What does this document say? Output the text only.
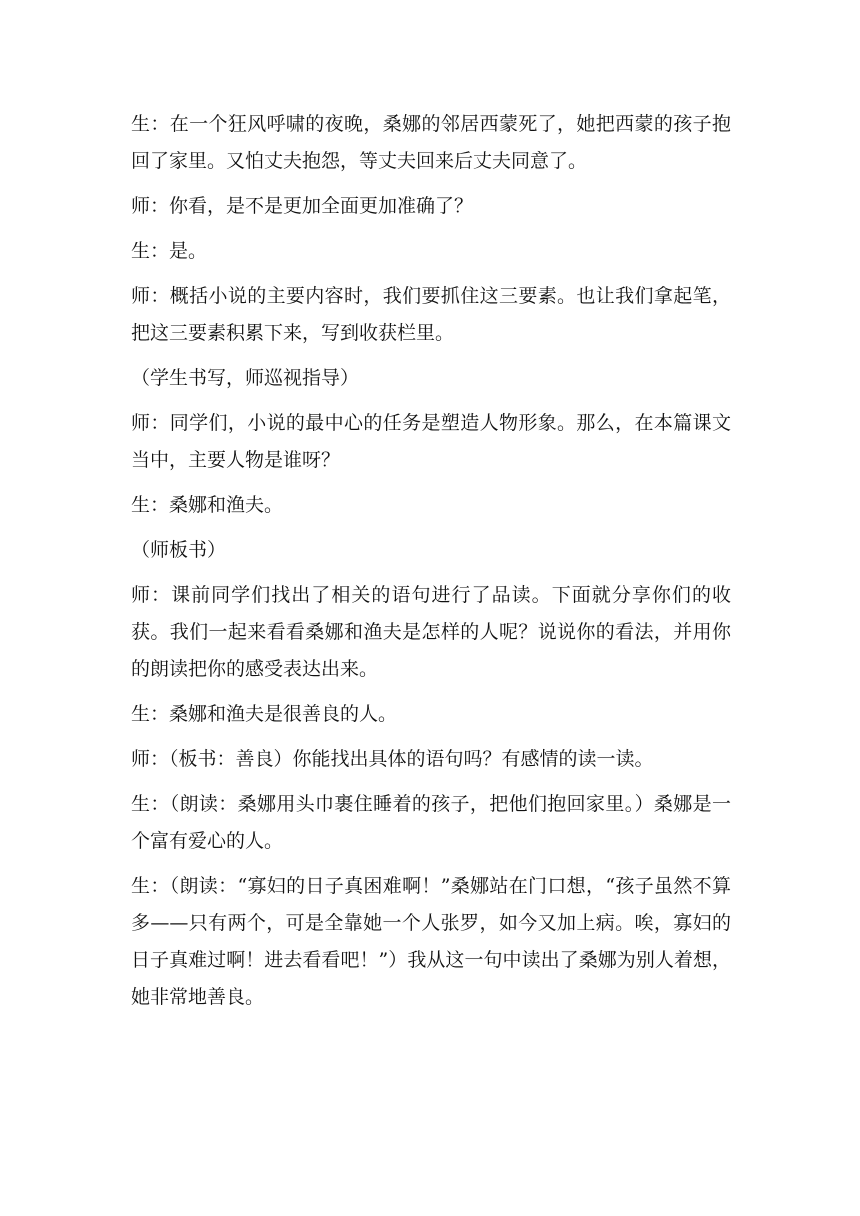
生：在一个狂风呼啸的夜晚，桑娜的邻居西蒙死了，她把西蒙的孩子抱回了家里。又怕丈夫抱怨，等丈夫回来后丈夫同意了。

师：你看，是不是更加全面更加准确了？

生：是。

师：概括小说的主要内容时，我们要抓住这三要素。也让我们拿起笔，把这三要素积累下来，写到收获栏里。

（学生书写，师巡视指导）

师：同学们，小说的最中心的任务是塑造人物形象。那么，在本篇课文当中，主要人物是谁呀？

生：桑娜和渔夫。

（师板书）

师：课前同学们找出了相关的语句进行了品读。下面就分享你们的收获。我们一起来看看桑娜和渔夫是怎样的人呢？说说你的看法，并用你的朗读把你的感受表达出来。

生：桑娜和渔夫是很善良的人。

师：（板书：善良）你能找出具体的语句吗？有感情的读一读。

生：（朗读：桑娜用头巾裹住睡着的孩子，把他们抱回家里。）桑娜是一个富有爱心的人。

生：（朗读：“寡妇的日子真困难啊！”桑娜站在门口想，“孩子虽然不算多——只有两个，可是全靠她一个人张罗，如今又加上病。唉，寡妇的日子真难过啊！进去看看吧！”）我从这一句中读出了桑娜为别人着想，她非常地善良。
